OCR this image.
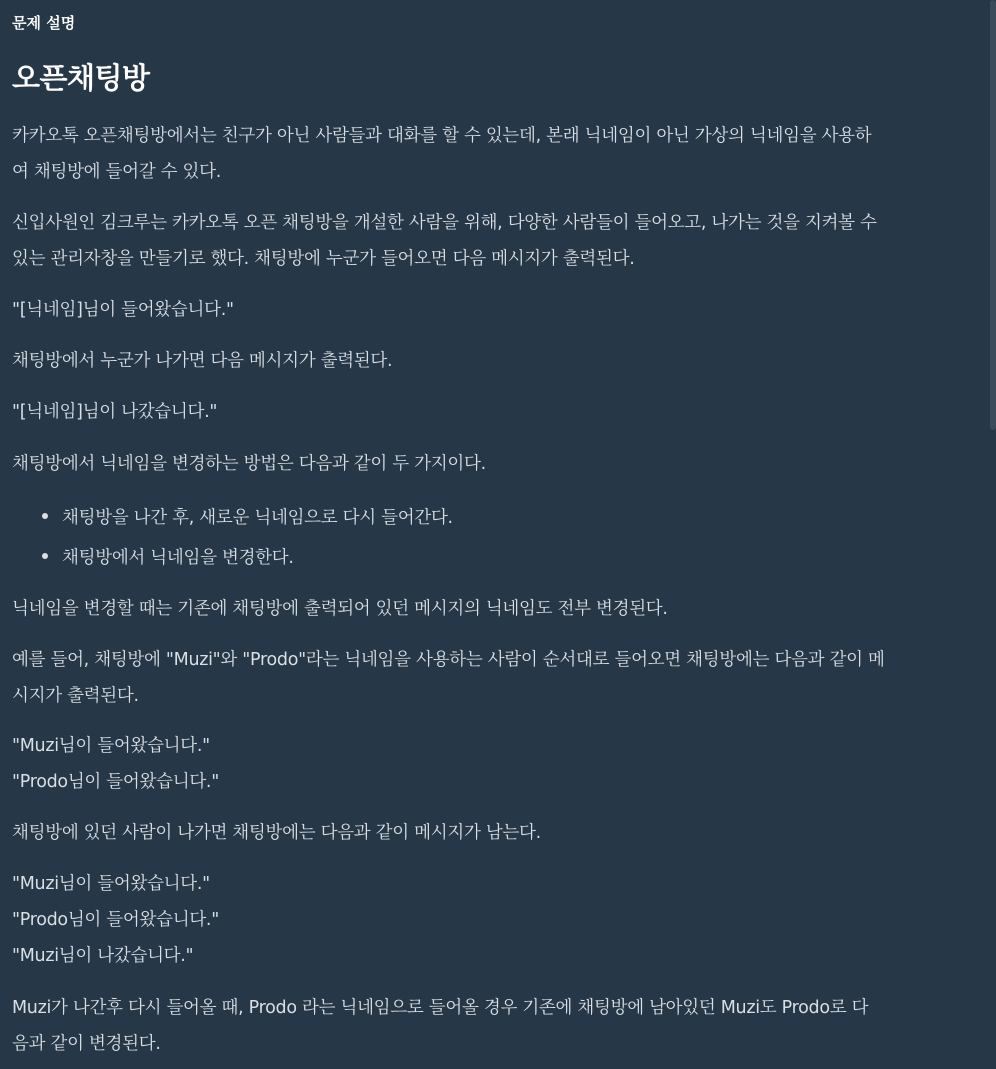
문제 설명
오픈채팅방
카카오톡 오픈채팅방에서는 친구가 아닌 사람들과 대화를 할 수 있는데, 본래 닉네임이 아닌 가상의 닉네임을 사용하
여 채팅방에 들어갈 수 있다.
신입사원인 김크루는 카카오톡 오픈 채팅방을 개설한 사람을 위해, 다양한 사람들이 들어오고, 나가는 것을 지켜볼 수
있는 관리자창을 만들기로 했다. 채팅방에 누군가 들어오면 다음 메시지가 출력된다.
"[닉네임]님이 들어왔습니다."
채팅방에서 누군가 나가면 다음 메시지가 출력된다.
"[닉네임]님이 나갔습니다."
채팅방에서 닉네임을 변경하는 방법은 다음과 같이 두 가지이다.
채팅방을 나간 후, 새로운 닉네임으로 다시 들어간다.
채팅방에서 닉네임을 변경한다.
닉네임을 변경할 때는 기존에 채팅방에 출력되어 있던 메시지의 닉네임도 전부 변경된다.
예를 들어, 채팅방에 "Muzi"와 "Prodo"라는 닉네임을 사용하는 사람이 순서대로 들어오면 채팅방에는 다음과 같이 메
시지가 출력된다.
"Muzi님이 들어왔습니다."
"Prodo님이 들어왔습니다."
채팅방에 있던 사람이 나가면 채팅방에는 다음과 같이 메시지가 남는다.
"Muzi님이 들어왔습니다."
"Prodo님이 들어왔습니다."
"Muzi님이 나갔습니다."
Muzi가 나간후 다시 들어올 때, Prodo 라는 닉네임으로 들어올 경우 기존에 채팅방에 남아있던 Muzi도 Prodo로 다
음과 같이 변경된다.
